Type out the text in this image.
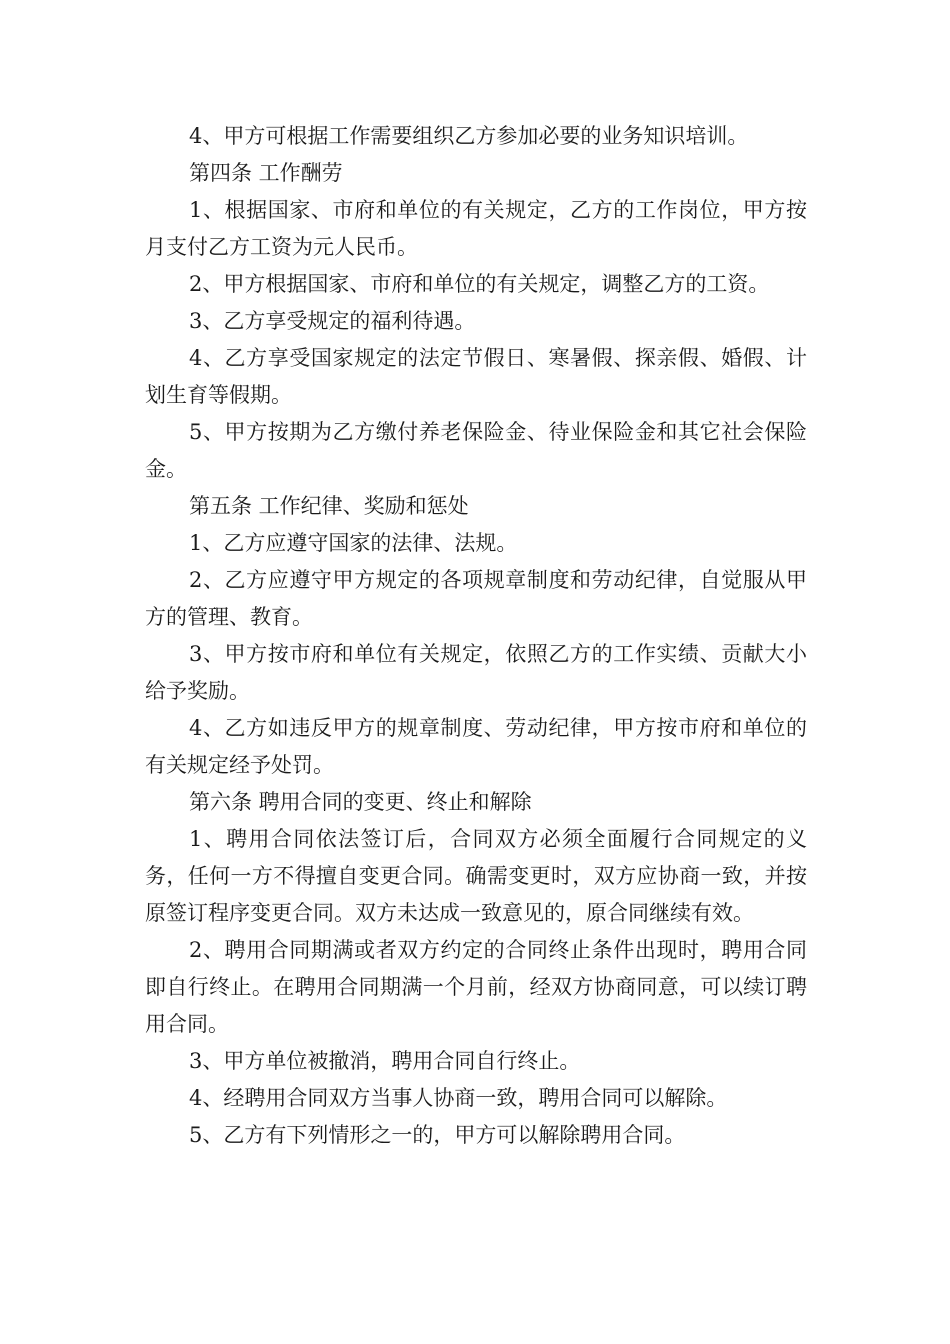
4、甲方可根据工作需要组织乙方参加必要的业务知识培训。

第四条 工作酬劳

1、根据国家、市府和单位的有关规定，乙方的工作岗位，甲方按月支付乙方工资为元人民币。

2、甲方根据国家、市府和单位的有关规定，调整乙方的工资。

3、乙方享受规定的福利待遇。

4、乙方享受国家规定的法定节假日、寒暑假、探亲假、婚假、计划生育等假期。

5、甲方按期为乙方缴付养老保险金、待业保险金和其它社会保险金。

第五条 工作纪律、奖励和惩处

1、乙方应遵守国家的法律、法规。

2、乙方应遵守甲方规定的各项规章制度和劳动纪律，自觉服从甲方的管理、教育。

3、甲方按市府和单位有关规定，依照乙方的工作实绩、贡献大小给予奖励。

4、乙方如违反甲方的规章制度、劳动纪律，甲方按市府和单位的有关规定经予处罚。

第六条 聘用合同的变更、终止和解除

1、聘用合同依法签订后，合同双方必须全面履行合同规定的义务，任何一方不得擅自变更合同。确需变更时，双方应协商一致，并按原签订程序变更合同。双方未达成一致意见的，原合同继续有效。

2、聘用合同期满或者双方约定的合同终止条件出现时，聘用合同即自行终止。在聘用合同期满一个月前，经双方协商同意，可以续订聘用合同。

3、甲方单位被撤消，聘用合同自行终止。

4、经聘用合同双方当事人协商一致，聘用合同可以解除。

5、乙方有下列情形之一的，甲方可以解除聘用合同。
